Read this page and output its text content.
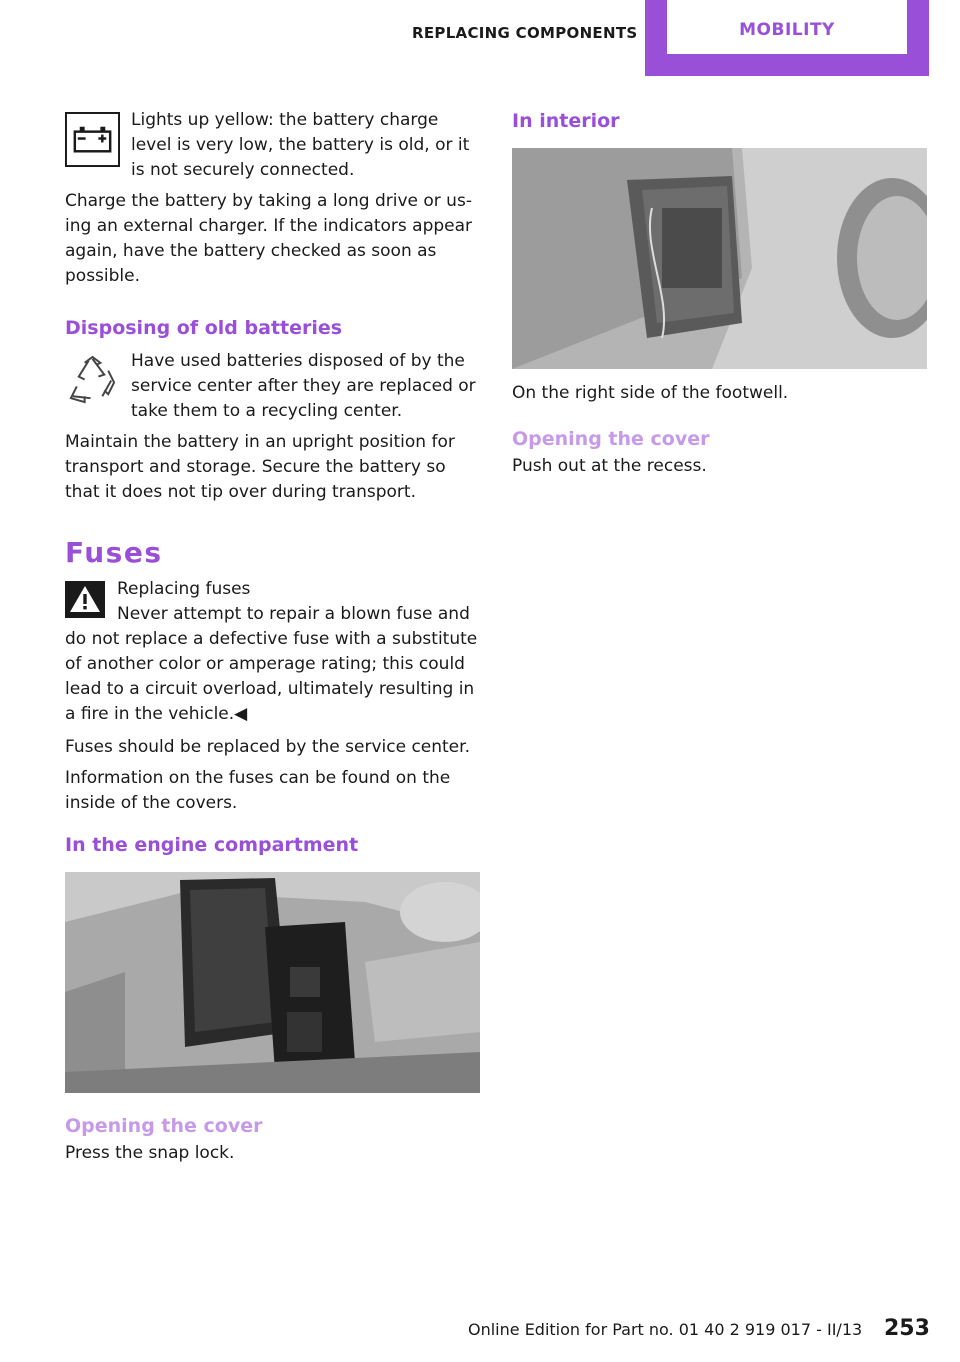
REPLACING COMPONENTS	MOBILITY

Lights up yellow: the battery charge level is very low, the battery is old, or it is not securely connected.

Charge the battery by taking a long drive or using an external charger. If the indicators appear again, have the battery checked as soon as possible.

Disposing of old batteries

Have used batteries disposed of by the service center after they are replaced or take them to a recycling center.

Maintain the battery in an upright position for transport and storage. Secure the battery so that it does not tip over during transport.

Fuses

Replacing fuses

Never attempt to repair a blown fuse and do not replace a defective fuse with a substitute of another color or amperage rating; this could lead to a circuit overload, ultimately resulting in a fire in the vehicle.◀

Fuses should be replaced by the service center.

Information on the fuses can be found on the inside of the covers.

In the engine compartment
Opening the cover

Press the snap lock.

In interior

On the right side of the footwell.

Opening the cover

Push out at the recess.

Online Edition for Part no. 01 40 2 919 017 - II/13 253
